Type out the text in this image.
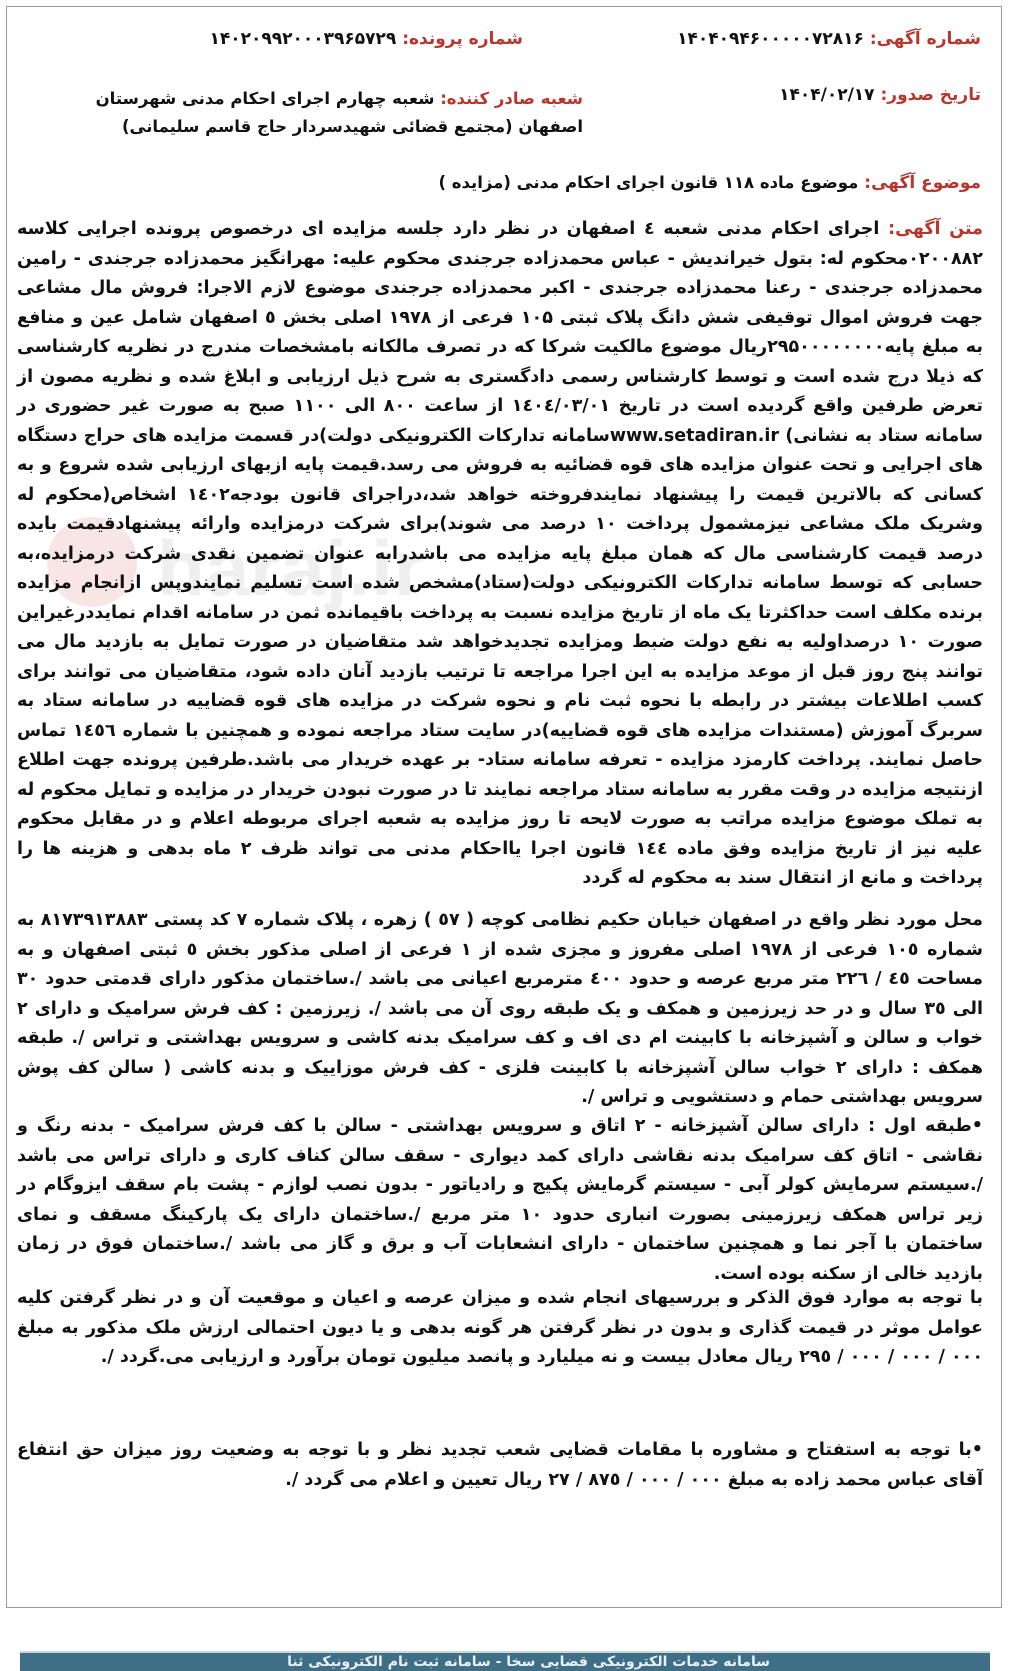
شماره آگهی: ۱۴۰۴۰۹۴۶۰۰۰۰۰۷۲۸۱۶
شماره پرونده: ۱۴۰۲۰۹۹۲۰۰۰۳۹۶۵۷۲۹
تاریخ صدور: ۱۴۰۴/۰۲/۱۷
شعبه صادر کننده: شعبه چهارم اجرای احکام مدنی شهرستان اصفهان (مجتمع قضائی شهیدسردار حاج قاسم سلیمانی)
موضوع آگهی: موضوع ماده ۱۱۸ قانون اجرای احکام مدنی (مزایده )
haraj.ir

متن آگهی: اجرای احکام مدنی شعبه ٤ اصفهان در نظر دارد جلسه مزایده ای درخصوص پرونده اجرایی کلاسه ۰۲۰۰۸۸۲محکوم له: بتول خیراندیش - عباس محمدزاده جرجندی محکوم علیه: مهرانگیز محمدزاده جرجندی - رامین محمدزاده جرجندی - رعنا محمدزاده جرجندی - اکبر محمدزاده جرجندی موضوع لازم الاجرا: فروش مال مشاعی جهت فروش اموال توقیفی شش دانگ پلاک ثبتی ۱۰۵ فرعی از ۱۹۷۸ اصلی بخش ٥ اصفهان شامل عین و منافع به مبلغ پایه۲۹۵۰۰۰۰۰۰۰۰ریال موضوع مالکیت شرکا که در تصرف مالکانه بامشخصات مندرج در نظریه کارشناسی که ذیلا درج شده است و توسط کارشناس رسمی دادگستری به شرح ذیل ارزیابی و ابلاغ شده و نظریه مصون از تعرض طرفین واقع گردیده است در تاریخ ۱٤٠٤/۰۳/۰۱ از ساعت ۸۰۰ الی ۱۱۰۰ صبح به صورت غیر حضوری در سامانه ستاد به نشانی) www.setadiran.irسامانه تدارکات الکترونیکی دولت)در قسمت مزایده های حراج دستگاه های اجرایی و تحت عنوان مزایده های قوه قضائیه به فروش می رسد.قیمت پایه ازبهای ارزیابی شده شروع و به کسانی که بالاترین قیمت را پیشنهاد نمایندفروخته خواهد شد،دراجرای قانون بودجه۱٤۰۲ اشخاص(محکوم له وشریک ملک مشاعی نیزمشمول پرداخت ۱۰ درصد می شوند)برای شرکت درمزایده وارائه پیشنهادقیمت بایده درصد قیمت کارشناسی مال که همان مبلغ پایه مزایده می باشدرابه عنوان تضمین نقدی شرکت درمزایده،به حسابی که توسط سامانه تدارکات الکترونیکی دولت(ستاد)مشخص شده است تسلیم نمایندوپس ازانجام مزایده برنده مکلف است حداکثرتا یک ماه از تاریخ مزایده نسبت به پرداخت باقیمانده ثمن در سامانه اقدام نمایددرغیراین صورت ۱۰ درصداولیه به نفع دولت ضبط ومزایده تجدیدخواهد شد متقاضیان در صورت تمایل به بازدید مال می توانند پنج روز قبل از موعد مزایده به این اجرا مراجعه تا ترتیب بازدید آنان داده شود، متقاضیان می توانند برای کسب اطلاعات بیشتر در رابطه با نحوه ثبت نام و نحوه شرکت در مزایده های قوه قضاییه در سامانه ستاد به سربرگ آموزش (مستندات مزایده های قوه قضاییه)در سایت ستاد مراجعه نموده و همچنین با شماره ١٤٥٦ تماس حاصل نمایند. پرداخت کارمزد مزایده - تعرفه سامانه ستاد- بر عهده خریدار می باشد.طرفین پرونده جهت اطلاع ازنتیجه مزایده در وقت مقرر به سامانه ستاد مراجعه نمایند تا در صورت نبودن خریدار در مزایده و تمایل محکوم له به تملک موضوع مزایده مراتب به صورت لایحه تا روز مزایده به شعبه اجرای مربوطه اعلام و در مقابل محکوم علیه نیز از تاریخ مزایده وفق ماده ١٤٤ قانون اجرا یااحکام مدنی می تواند ظرف ۲ ماه بدهی و هزینه ها را پرداخت و مانع از انتقال سند به محکوم له گردد

محل مورد نظر واقع در اصفهان خیابان حکیم نظامی کوچه ( ٥٧ ) زهره ، پلاک شماره ۷ کد پستی ۸۱۷۳۹۱۳۸۸۳ به شماره ۱۰٥ فرعی از ۱۹۷۸ اصلی مفروز و مجزی شده از ۱ فرعی از اصلی مذکور بخش ٥ ثبتی اصفهان و به مساحت ٤٥ / ۲۲٦ متر مربع عرصه و حدود ٤۰۰ مترمربع اعیانی می باشد /.ساختمان مذکور دارای قدمتی حدود ۳۰ الی ۳٥ سال و در حد زیرزمین و همکف و یک طبقه روی آن می باشد /. زیرزمین : کف فرش سرامیک و دارای ۲ خواب و سالن و آشپزخانه با کابینت ام دی اف و کف سرامیک بدنه کاشی و سرویس بهداشتی و تراس /. طبقه همکف : دارای ۲ خواب سالن آشپزخانه با کابینت فلزی - کف فرش موزاییک و بدنه کاشی ( سالن کف پوش سرویس بهداشتی حمام و دستشویی و تراس /.

•طبقه اول : دارای سالن آشپزخانه - ۲ اتاق و سرویس بهداشتی - سالن با کف فرش سرامیک - بدنه رنگ و نقاشی - اتاق کف سرامیک بدنه نقاشی دارای کمد دیواری - سقف سالن کناف کاری و دارای تراس می باشد /.سیستم سرمایش کولر آبی - سیستم گرمایش پکیج و رادیاتور - بدون نصب لوازم - پشت بام سقف ایزوگام در زیر تراس همکف زیرزمینی بصورت انباری حدود ۱۰ متر مربع /.ساختمان دارای یک پارکینگ مسقف و نمای ساختمان با آجر نما و همچنین ساختمان - دارای انشعابات آب و برق و گاز می باشد /.ساختمان فوق در زمان بازدید خالی از سکنه بوده است.

با توجه به موارد فوق الذکر و بررسیهای انجام شده و میزان عرصه و اعیان و موقعیت آن و در نظر گرفتن کلیه عوامل موثر در قیمت گذاری و بدون در نظر گرفتن هر گونه بدهی و یا دیون احتمالی ارزش ملک مذکور به مبلغ ۰۰۰ / ۰۰۰ / ۰۰۰ / ۲۹٥ ریال معادل بیست و نه میلیارد و پانصد میلیون تومان برآورد و ارزیابی می.گردد /.

•با توجه به استفتاح و مشاوره با مقامات قضایی شعب تجدید نظر و با توجه به وضعیت روز میزان حق انتفاع آقای عباس محمد زاده به مبلغ ۰۰۰ / ۰۰۰ / ۸۷٥ / ۲۷ ریال تعیین و اعلام می گردد /.

سامانه خدمات الکترونیکی قضایی سخا - سامانه ثبت نام الکترونیکی ثنا
